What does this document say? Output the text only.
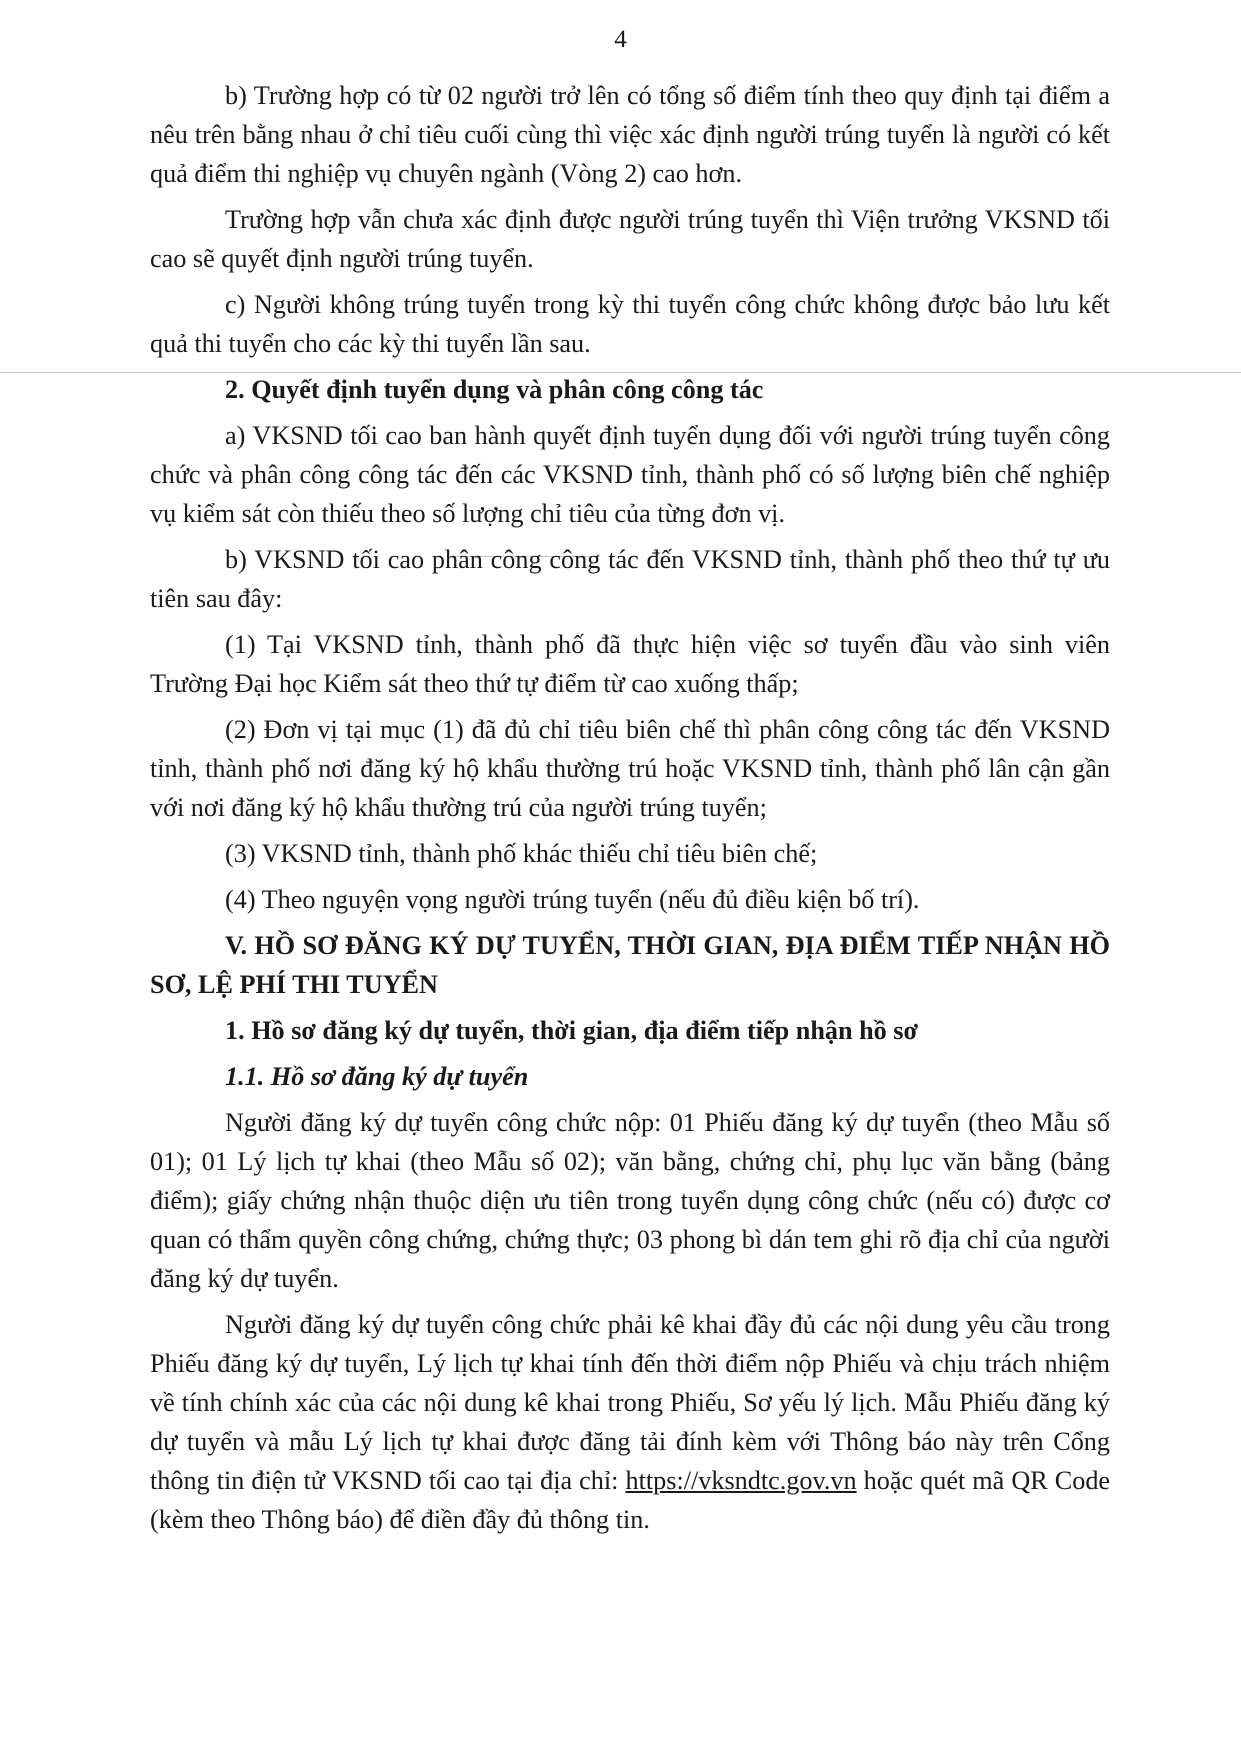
4

b) Trường hợp có từ 02 người trở lên có tổng số điểm tính theo quy định tại điểm a nêu trên bằng nhau ở chỉ tiêu cuối cùng thì việc xác định người trúng tuyển là người có kết quả điểm thi nghiệp vụ chuyên ngành (Vòng 2) cao hơn.

Trường hợp vẫn chưa xác định được người trúng tuyển thì Viện trưởng VKSND tối cao sẽ quyết định người trúng tuyển.

c) Người không trúng tuyển trong kỳ thi tuyển công chức không được bảo lưu kết quả thi tuyển cho các kỳ thi tuyển lần sau.

2. Quyết định tuyển dụng và phân công công tác

a) VKSND tối cao ban hành quyết định tuyển dụng đối với người trúng tuyển công chức và phân công công tác đến các VKSND tỉnh, thành phố có số lượng biên chế nghiệp vụ kiểm sát còn thiếu theo số lượng chỉ tiêu của từng đơn vị.

b) VKSND tối cao phân công công tác đến VKSND tỉnh, thành phố theo thứ tự ưu tiên sau đây:

(1) Tại VKSND tỉnh, thành phố đã thực hiện việc sơ tuyển đầu vào sinh viên Trường Đại học Kiểm sát theo thứ tự điểm từ cao xuống thấp;

(2) Đơn vị tại mục (1) đã đủ chỉ tiêu biên chế thì phân công công tác đến VKSND tỉnh, thành phố nơi đăng ký hộ khẩu thường trú hoặc VKSND tỉnh, thành phố lân cận gần với nơi đăng ký hộ khẩu thường trú của người trúng tuyển;

(3) VKSND tỉnh, thành phố khác thiếu chỉ tiêu biên chế;

(4) Theo nguyện vọng người trúng tuyển (nếu đủ điều kiện bố trí).

V. HỒ SƠ ĐĂNG KÝ DỰ TUYỂN, THỜI GIAN, ĐỊA ĐIỂM TIẾP NHẬN HỒ SƠ, LỆ PHÍ THI TUYỂN

1. Hồ sơ đăng ký dự tuyển, thời gian, địa điểm tiếp nhận hồ sơ

1.1. Hồ sơ đăng ký dự tuyển

Người đăng ký dự tuyển công chức nộp: 01 Phiếu đăng ký dự tuyển (theo Mẫu số 01); 01 Lý lịch tự khai (theo Mẫu số 02); văn bằng, chứng chỉ, phụ lục văn bằng (bảng điểm); giấy chứng nhận thuộc diện ưu tiên trong tuyển dụng công chức (nếu có) được cơ quan có thẩm quyền công chứng, chứng thực; 03 phong bì dán tem ghi rõ địa chỉ của người đăng ký dự tuyển.

Người đăng ký dự tuyển công chức phải kê khai đầy đủ các nội dung yêu cầu trong Phiếu đăng ký dự tuyển, Lý lịch tự khai tính đến thời điểm nộp Phiếu và chịu trách nhiệm về tính chính xác của các nội dung kê khai trong Phiếu, Sơ yếu lý lịch. Mẫu Phiếu đăng ký dự tuyển và mẫu Lý lịch tự khai được đăng tải đính kèm với Thông báo này trên Cổng thông tin điện tử VKSND tối cao tại địa chỉ: https://vksndtc.gov.vn hoặc quét mã QR Code (kèm theo Thông báo) để điền đầy đủ thông tin.
